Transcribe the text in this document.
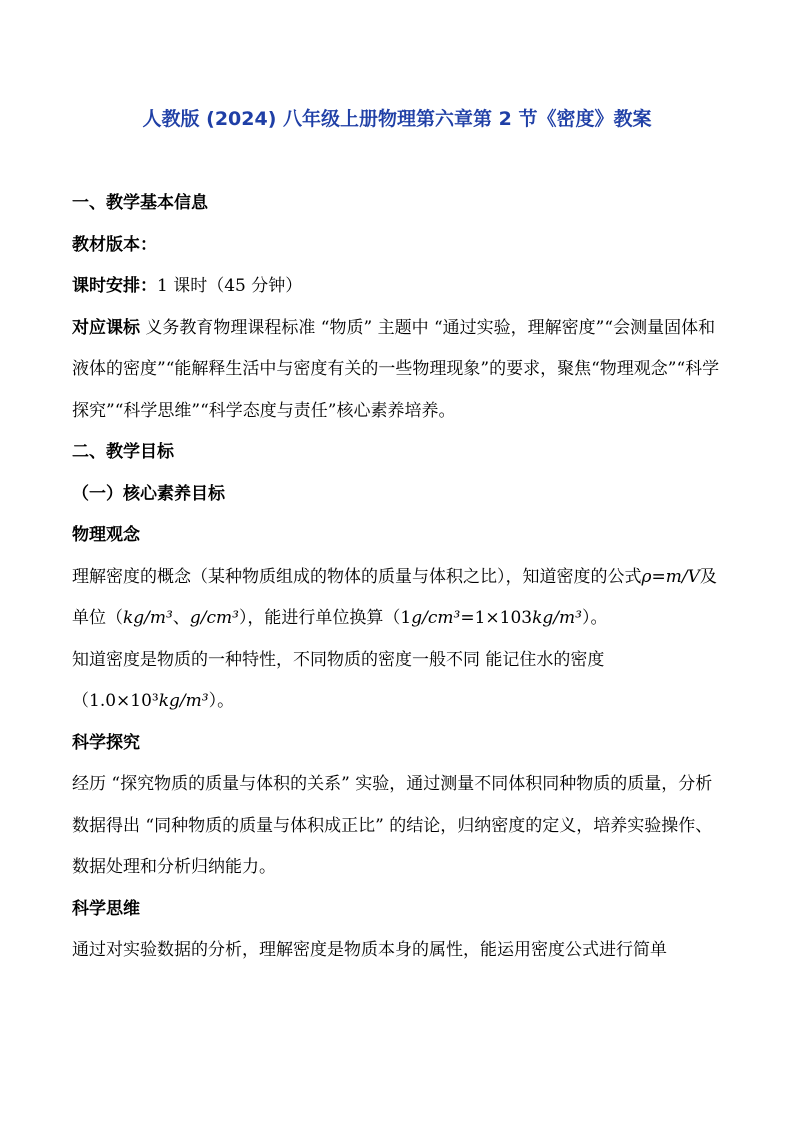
人教版 (2024) 八年级上册物理第六章第 2 节《密度》教案

一、教学基本信息

教材版本：

课时安排：1 课时（45 分钟）

对应课标 义务教育物理课程标准 “物质” 主题中 “通过实验，理解密度”“会测量固体和液体的密度”“能解释生活中与密度有关的一些物理现象”的要求，聚焦“物理观念”“科学探究”“科学思维”“科学态度与责任”核心素养培养。

二、教学目标

（一）核心素养目标

物理观念

理解密度的概念（某种物质组成的物体的质量与体积之比），知道密度的公式ρ=m/V及单位（kg/m³、g/cm³），能进行单位换算（1g/cm³=1×103kg/m³）。

知道密度是物质的一种特性，不同物质的密度一般不同 能记住水的密度（1.0×10³kg/m³）。

科学探究

经历 “探究物质的质量与体积的关系” 实验，通过测量不同体积同种物质的质量，分析数据得出 “同种物质的质量与体积成正比” 的结论，归纳密度的定义，培养实验操作、数据处理和分析归纳能力。

科学思维

通过对实验数据的分析，理解密度是物质本身的属性，能运用密度公式进行简单
